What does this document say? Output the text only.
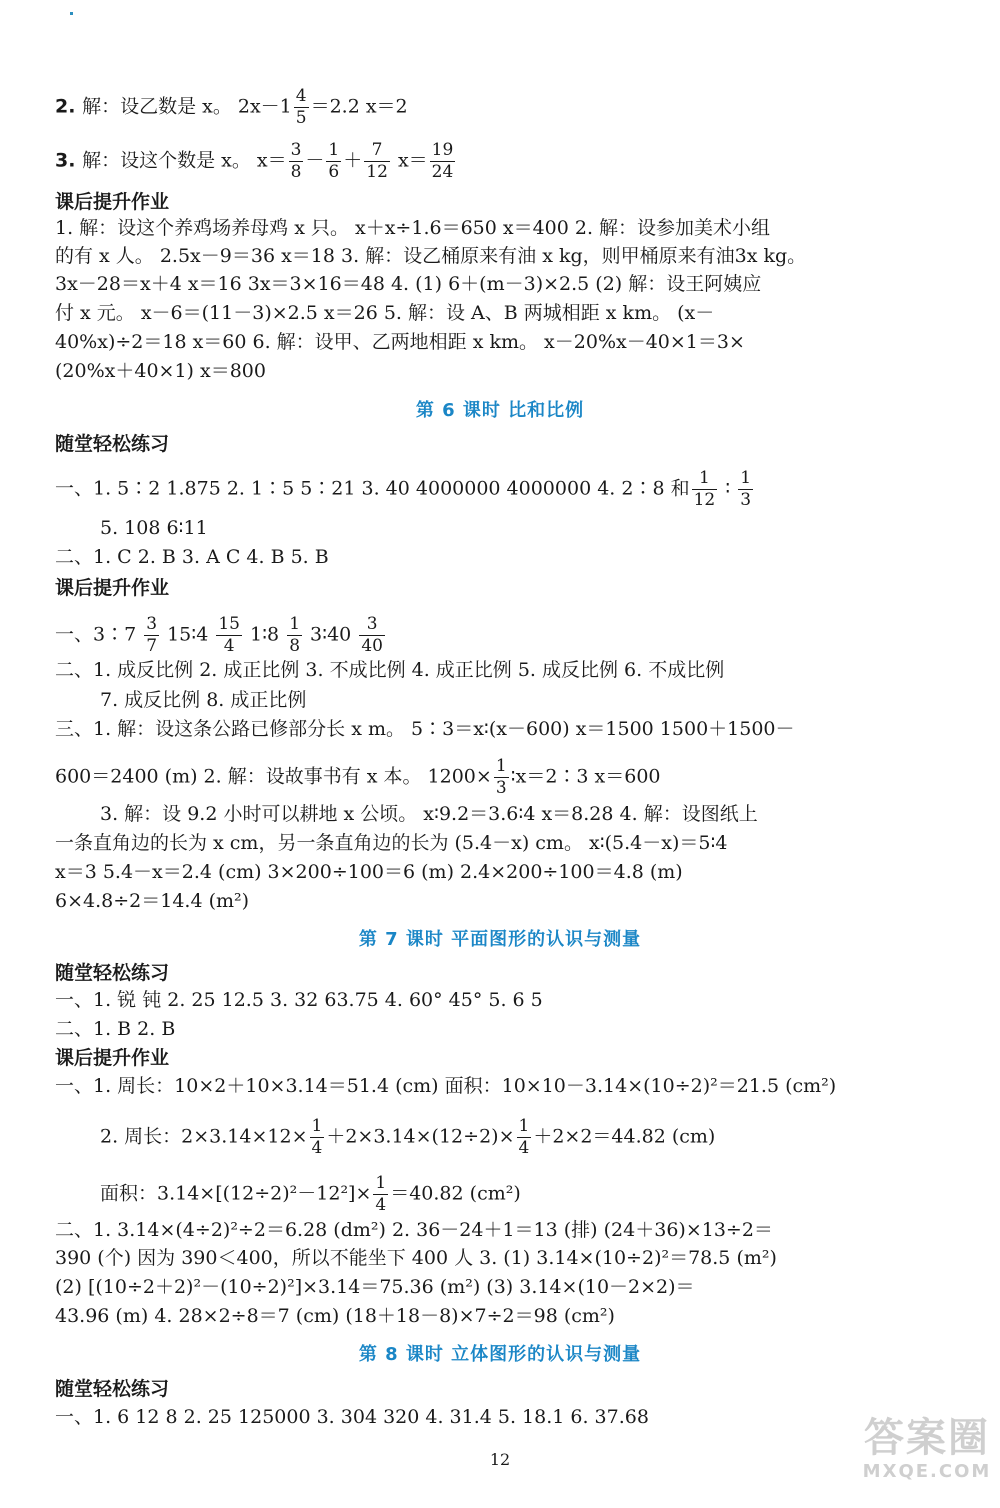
2. 解：设乙数是 x。 $2x-1 \frac{4}{5} =2.2$ x＝2
3. 解：设这个数是 x。 $x= \frac{3}{8} - \frac{1}{6} + \frac{7}{12} x= \frac{19}{24}$
课后提升作业
1. 解：设这个养鸡场养母鸡 x 只。 x＋x÷1.6＝650 x＝400 2. 解：设参加美术小组
的有 x 人。 2.5x－9＝36 x＝18 3. 解：设乙桶原来有油 x kg，则甲桶原来有油3x kg。
3x－28＝x＋4 x＝16 3x＝3×16＝48 4. (1) 6＋(m－3)×2.5 (2) 解：设王阿姨应
付 x 元。 x－6＝(11－3)×2.5 x＝26 5. 解：设 A、B 两城相距 x km。 (x－
40%x)÷2＝18 x＝60 6. 解：设甲、乙两地相距 x km。 x－20%x－40×1＝3×
(20%x＋40×1) x＝800
第 6 课时 比和比例
随堂轻松练习
一、1. 5∶2 1.875 2. 1∶5 5∶21 3. 40 4000000 4000000 4. 2∶8 和 $\frac{1}{12}$ ∶ $\frac{1}{3}$
5. 108 6∶11
二、1. C 2. B 3. A C 4. B 5. B
课后提升作业
一、3∶7 $\frac{3}{7}$ 15∶4 $\frac{15}{4}$ 1∶8 $\frac{1}{8}$ 3∶40 $\frac{3}{40}$
二、1. 成反比例 2. 成正比例 3. 不成比例 4. 成正比例 5. 成反比例 6. 不成比例
7. 成反比例 8. 成正比例
三、1. 解：设这条公路已修部分长 x m。 5∶3＝x∶(x－600) x＝1500 1500＋1500－
600＝2400 (m) 2. 解：设故事书有 x 本。 $1200\times \frac{1}{3}$ ∶x＝2∶3 x＝600
3. 解：设 9.2 小时可以耕地 x 公顷。 x∶9.2＝3.6∶4 x＝8.28 4. 解：设图纸上
一条直角边的长为 x cm，另一条直角边的长为 (5.4－x) cm。 x∶(5.4－x)＝5∶4
x＝3 5.4－x＝2.4 (cm) 3×200÷100＝6 (m) 2.4×200÷100＝4.8 (m)
6×4.8÷2＝14.4 (m²)
第 7 课时 平面图形的认识与测量
随堂轻松练习
一、1. 锐 钝 2. 25 12.5 3. 32 63.75 4. 60° 45° 5. 6 5
二、1. B 2. B
课后提升作业
一、1. 周长：10×2＋10×3.14＝51.4 (cm) 面积：10×10－3.14×(10÷2)²＝21.5 (cm²)
2. 周长：$2\times 3.14\times 12\times \frac{1}{4} +2\times 3.14\times(12\div 2)\times \frac{1}{4} +2\times 2=44.82$ (cm)
面积：$3.14\times[(12\div 2)^2-12^2]\times \frac{1}{4} =40.82$ (cm²)
二、1. 3.14×(4÷2)²÷2＝6.28 (dm²) 2. 36－24＋1＝13 (排) (24＋36)×13÷2＝
390 (个) 因为 390＜400，所以不能坐下 400 人 3. (1) 3.14×(10÷2)²＝78.5 (m²)
(2) [(10÷2＋2)²－(10÷2)²]×3.14＝75.36 (m²) (3) 3.14×(10－2×2)＝
43.96 (m) 4. 28×2÷8＝7 (cm) (18＋18－8)×7÷2＝98 (cm²)
第 8 课时 立体图形的认识与测量
随堂轻松练习
一、1. 6 12 8 2. 25 125000 3. 304 320 4. 31.4 5. 18.1 6. 37.68
12	答案圈
MXQE.COM
